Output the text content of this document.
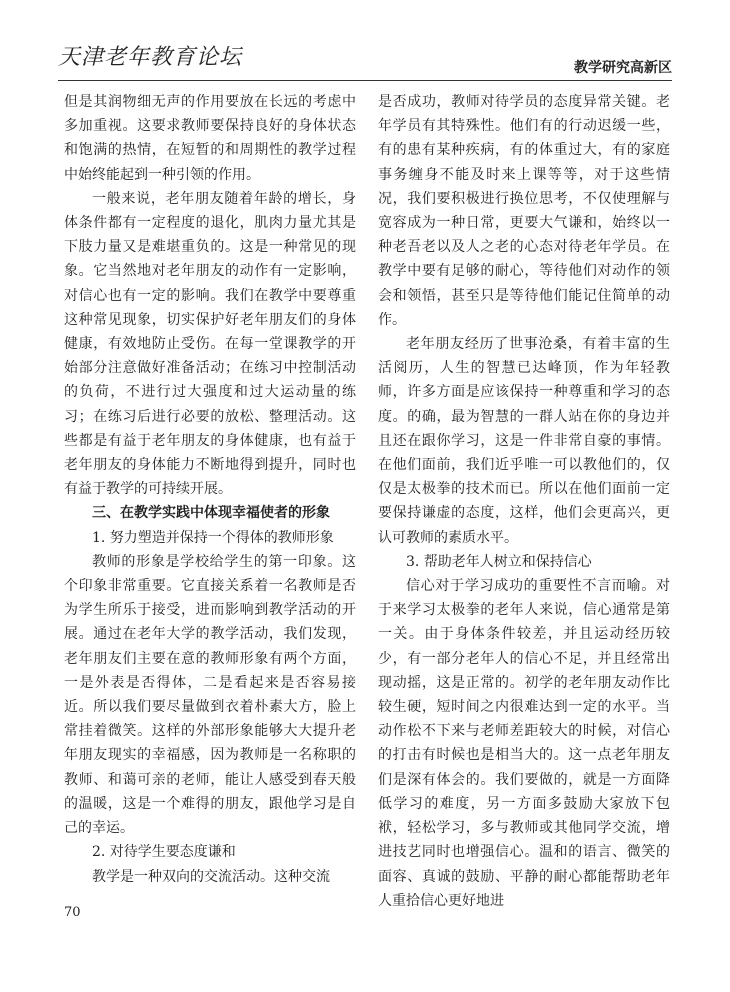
天津老年教育论坛	教学研究高新区

但是其润物细无声的作用要放在长远的考虑中多加重视。这要求教师要保持良好的身体状态和饱满的热情，在短暂的和周期性的教学过程中始终能起到一种引领的作用。

一般来说，老年朋友随着年龄的增长，身体条件都有一定程度的退化，肌肉力量尤其是下肢力量又是难堪重负的。这是一种常见的现象。它当然地对老年朋友的动作有一定影响，对信心也有一定的影响。我们在教学中要尊重这种常见现象，切实保护好老年朋友们的身体健康，有效地防止受伤。在每一堂课教学的开始部分注意做好准备活动；在练习中控制活动的负荷，不进行过大强度和过大运动量的练习；在练习后进行必要的放松、整理活动。这些都是有益于老年朋友的身体健康，也有益于老年朋友的身体能力不断地得到提升，同时也有益于教学的可持续开展。

三、在教学实践中体现幸福使者的形象

1. 努力塑造并保持一个得体的教师形象

教师的形象是学校给学生的第一印象。这个印象非常重要。它直接关系着一名教师是否为学生所乐于接受，进而影响到教学活动的开展。通过在老年大学的教学活动，我们发现，老年朋友们主要在意的教师形象有两个方面，一是外表是否得体，二是看起来是否容易接近。所以我们要尽量做到衣着朴素大方，脸上常挂着微笑。这样的外部形象能够大大提升老年朋友现实的幸福感，因为教师是一名称职的教师、和蔼可亲的老师，能让人感受到春天般的温暖，这是一个难得的朋友，跟他学习是自己的幸运。

2. 对待学生要态度谦和

教学是一种双向的交流活动。这种交流

是否成功，教师对待学员的态度异常关键。老年学员有其特殊性。他们有的行动迟缓一些，有的患有某种疾病，有的体重过大，有的家庭事务缠身不能及时来上课等等，对于这些情况，我们要积极进行换位思考，不仅使理解与宽容成为一种日常，更要大气谦和，始终以一种老吾老以及人之老的心态对待老年学员。在教学中要有足够的耐心，等待他们对动作的领会和领悟，甚至只是等待他们能记住简单的动作。

老年朋友经历了世事沧桑，有着丰富的生活阅历，人生的智慧已达峰顶，作为年轻教师，许多方面是应该保持一种尊重和学习的态度。的确，最为智慧的一群人站在你的身边并且还在跟你学习，这是一件非常自豪的事情。在他们面前，我们近乎唯一可以教他们的，仅仅是太极拳的技术而已。所以在他们面前一定要保持谦虚的态度，这样，他们会更高兴，更认可教师的素质水平。

3. 帮助老年人树立和保持信心

信心对于学习成功的重要性不言而喻。对于来学习太极拳的老年人来说，信心通常是第一关。由于身体条件较差，并且运动经历较少，有一部分老年人的信心不足，并且经常出现动摇，这是正常的。初学的老年朋友动作比较生硬，短时间之内很难达到一定的水平。当动作松不下来与老师差距较大的时候，对信心的打击有时候也是相当大的。这一点老年朋友们是深有体会的。我们要做的，就是一方面降低学习的难度，另一方面多鼓励大家放下包袱，轻松学习，多与教师或其他同学交流，增进技艺同时也增强信心。温和的语言、微笑的面容、真诚的鼓励、平静的耐心都能帮助老年人重拾信心更好地进

70
